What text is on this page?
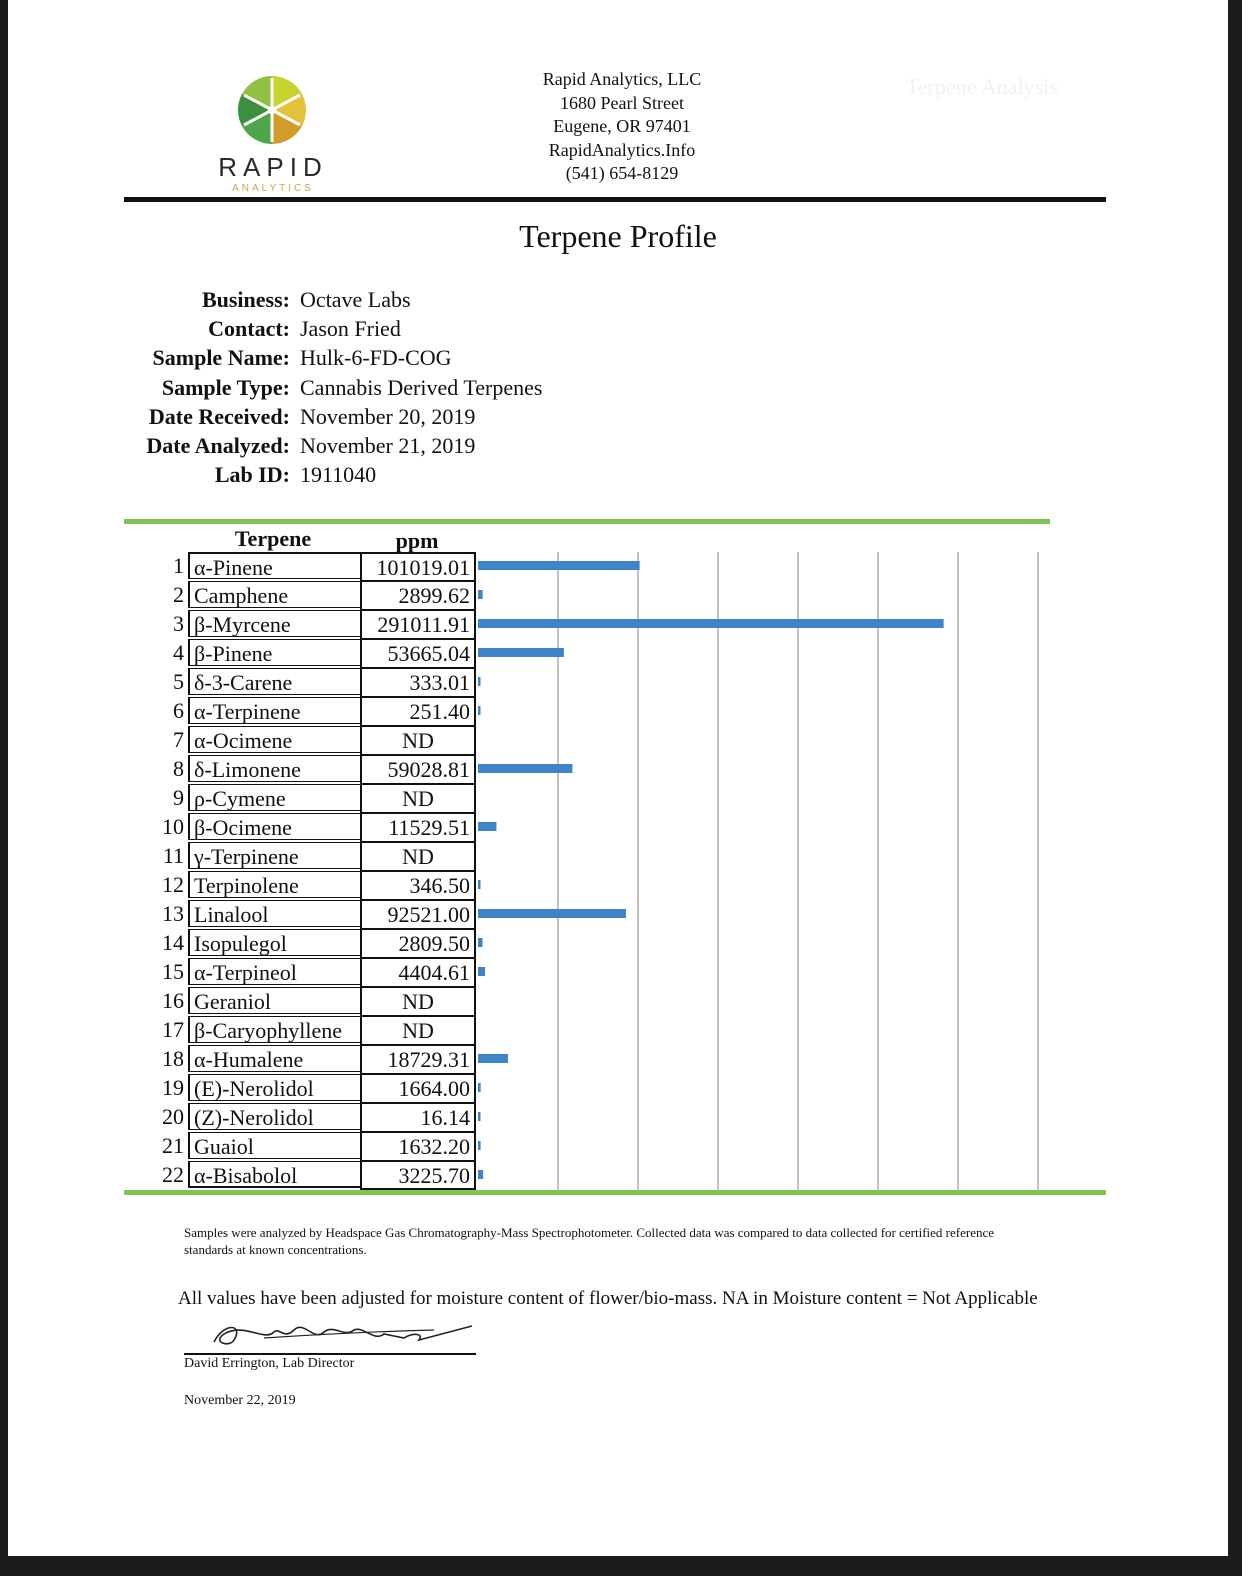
RAPID
ANALYTICS
Rapid Analytics, LLC
1680 Pearl Street
Eugene, OR 97401
RapidAnalytics.Info
(541) 654-8129
Terpene Analysis
Terpene Profile
Business: Octave Labs
Contact: Jason Fried
Sample Name: Hulk-6-FD-COG
Sample Type: Cannabis Derived Terpenes
Date Received: November 20, 2019
Date Analyzed: November 21, 2019
Lab ID: 1911040
Terpene	ppm
1 α-Pinene	101019.01
2 Camphene	2899.62
3 β-Myrcene	291011.91
4 β-Pinene	53665.04
5 δ-3-Carene	333.01
6 α-Terpinene	251.40
7 α-Ocimene	ND
8 δ-Limonene	59028.81
9 ρ-Cymene	ND
10 β-Ocimene	11529.51
11 γ-Terpinene	ND
12 Terpinolene	346.50
13 Linalool	92521.00
14 Isopulegol	2809.50
15 α-Terpineol	4404.61
16 Geraniol	ND
17 β-Caryophyllene	ND
18 α-Humalene	18729.31
19 (E)-Nerolidol	1664.00
20 (Z)-Nerolidol	16.14
21 Guaiol	1632.20
22 α-Bisabolol	3225.70
Samples were analyzed by Headspace Gas Chromatography-Mass Spectrophotometer. Collected data was compared to data collected for certified reference standards at known concentrations.
All values have been adjusted for moisture content of flower/bio-mass. NA in Moisture content = Not Applicable
David Errington, Lab Director
November 22, 2019
